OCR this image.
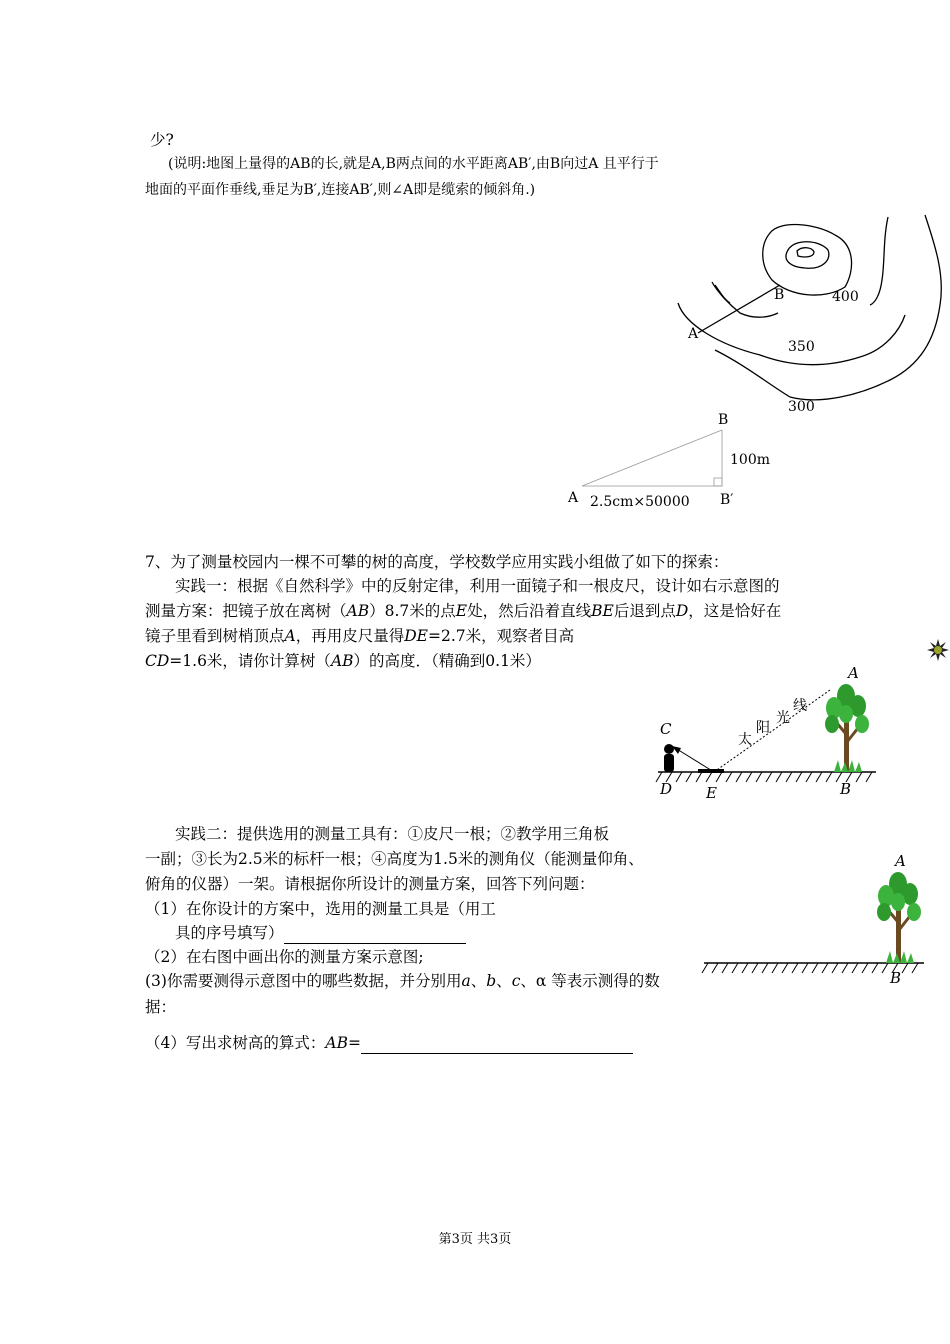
少?
(说明:地图上量得的AB的长,就是A,B两点间的水平距离AB′,由B向过A 且平行于
地面的平面作垂线,垂足为B′,连接AB′,则∠A即是缆索的倾斜角.)
B
A
400
350
300
B
100m
A 2.5cm×50000 B′
7、为了测量校园内一棵不可攀的树的高度，学校数学应用实践小组做了如下的探索：
实践一：根据《自然科学》中的反射定律，利用一面镜子和一根皮尺，设计如右示意图的
测量方案：把镜子放在离树（AB）8.7米的点E处，然后沿着直线BE后退到点D，这是恰好在
镜子里看到树梢顶点A，再用皮尺量得DE=2.7米，观察者目高
CD=1.6米，请你计算树（AB）的高度．（精确到0.1米）
A
C
D E	B
太
阳
光
线
实践二：提供选用的测量工具有：①皮尺一根；②教学用三角板
一副；③长为2.5米的标杆一根；④高度为1.5米的测角仪（能测量仰角、
俯角的仪器）一架。请根据你所设计的测量方案，回答下列问题：
（1）在你设计的方案中，选用的测量工具是（用工
具的序号填写）
（2）在右图中画出你的测量方案示意图;
(3)你需要测得示意图中的哪些数据，并分别用a、b、c、α 等表示测得的数
据：
（4）写出求树高的算式：AB=
A
B
第3页 共3页
